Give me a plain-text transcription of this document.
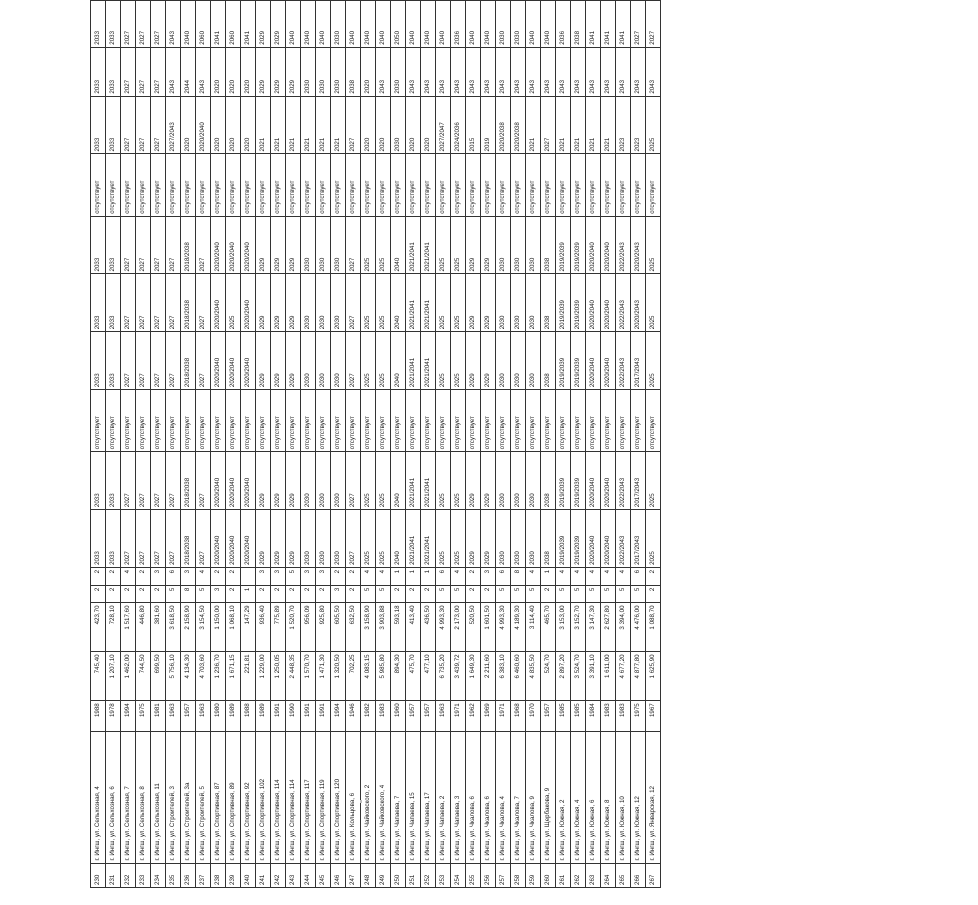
230	г. Ингш, ул. Сельхозная, 4	1988	745,40	423,70	2	2	2033	2033	отсутствует	2033	2033	2033	отсутствует	2033	2033	2033
231	г. Ингш, ул. Сельхозная, 6	1978	1 207,10	728,10	2	2	2033	2033	отсутствует	2033	2033	2033	отсутствует	2033	2033	2033
232	г. Ингш, ул. Сельхозная, 7	1994	1 462,00	1 517,60	2	4	2027	2027	отсутствует	2027	2027	2027	отсутствует	2027	2027	2027
233	г. Ингш, ул. Сельхозная, 8	1975	744,50	446,80	2	2	2027	2027	отсутствует	2027	2027	2027	отсутствует	2027	2027	2027
234	г. Ингш, ул. Сельхозная, 11	1981	699,50	381,60	2	3	2027	2027	отсутствует	2027	2027	2027	отсутствует	2027	2027	2027
235	г. Ингш, ул. Строителей, 3	1963	5 756,10	3 618,50	5	6	2027	2027	отсутствует	2027	2027	2027	отсутствует	2027/2043	2043	2043
236	г. Ингш, ул. Строителей, 3а	1957	4 134,30	2 158,90	8	3	2018/2038	2018/2038	отсутствует	2018/2038	2018/2038	2018/2038	отсутствует	2020	2044	2040
237	г. Ингш, ул. Строителей, 5	1963	4 703,60	3 154,50	5	4	2027	2027	отсутствует	2027	2027	2027	отсутствует	2020/2040	2043	2060
238	г. Ингш, ул. Спортивная, 87	1980	1 236,70	1 150,00	3	2	2020/2040	2020/2040	отсутствует	2020/2040	2020/2040	2020/2040	отсутствует	2020	2020	2041
239	г. Ингш, ул. Спортивная, 89	1989	1 671,15	1 068,10	2	2	2020/2040	2020/2040	отсутствует	2020/2040	2025	2020/2040	отсутствует	2020	2020	2060
240	г. Ингш, ул. Спортивная, 92	1988	221,81	147,29	1		2020/2040	2020/2040	отсутствует	2020/2040	2020/2040	2020/2040	отсутствует	2020	2020	2041
241	г. Ингш, ул. Спортивная, 102	1989	1 229,00	936,40	2	3	2029	2029	отсутствует	2029	2029	2029	отсутствует	2021	2029	2029
242	г. Ингш, ул. Спортивная, 114	1991	1 250,05	775,89	2	3	2029	2029	отсутствует	2029	2029	2029	отсутствует	2021	2029	2029
243	г. Ингш, ул. Спортивная, 114	1990	2 448,35	1 520,70	2	5	2029	2029	отсутствует	2029	2029	2029	отсутствует	2021	2029	2040
244	г. Ингш, ул. Спортивная, 117	1991	1 570,70	956,09	2	3	2030	2030	отсутствует	2030	2030	2030	отсутствует	2021	2030	2040
245	г. Ингш, ул. Спортивная, 119	1991	1 471,30	925,80	2	3	2030	2030	отсутствует	2030	2030	2030	отсутствует	2021	2030	2040
246	г. Ингш, ул. Спортивная, 120	1994	1 320,50	605,50	3	2	2030	2030	отсутствует	2030	2030	2030	отсутствует	2021	2030	2030
247	г. Ингш, ул. Кольцова, 6	1946	702,25	632,50	2	2	2027	2027	отсутствует	2027	2027	2027	отсутствует	2027	2038	2040
248	г. Ингш, ул. Чайковского, 2	1982	4 083,15	3 158,90	5	4	2025	2025	отсутствует	2025	2025	2025	отсутствует	2020	2020	2040
249	г. Ингш, ул. Чайковского, 4	1983	5 985,80	3 903,88	5	4	2025	2025	отсутствует	2025	2025	2025	отсутствует	2020	2043	2040
250	г. Ингш, ул. Чапаева, 7	1960	894,30	593,18	2	1	2040	2040	отсутствует	2040	2040	2040	отсутствует	2030	2030	2050
251	г. Ингш, ул. Чапаева, 15	1957	475,70	413,40	2	1	2021/2041	2021/2041	отсутствует	2021/2041	2021/2041	2021/2041	отсутствует	2020	2043	2040
252	г. Ингш, ул. Чапаева, 17	1957	477,10	436,50	2	1	2021/2041	2021/2041	отсутствует	2021/2041	2021/2041	2021/2041	отсутствует	2020	2043	2040
253	г. Ингш, ул. Чапаева, 2	1963	6 735,20	4 993,30	5	6	2025	2025	отсутствует	2025	2025	2025	отсутствует	2027/2047	2043	2040
254	г. Ингш, ул. Чапаева, 3	1971	3 439,72	2 173,00	5	4	2025	2025	отсутствует	2025	2025	2025	отсутствует	2024/2036	2043	2036
255	г. Ингш, ул. Чкалова, 6	1962	1 649,30	520,50	2	2	2029	2029	отсутствует	2029	2029	2029	отсутствует	2015	2043	2040
256	г. Ингш, ул. Чкалова, 6	1969	2 211,60	1 601,50	2	3	2029	2029	отсутствует	2029	2029	2029	отсутствует	2019	2043	2040
257	г. Ингш, ул. Чкалова, 4	1971	6 383,10	4 993,30	5	6	2030	2030	отсутствует	2030	2030	2030	отсутствует	2020/2038	2043	2030
258	г. Ингш, ул. Чкалова, 7	1968	6 460,60	4 189,30	5	8	2030	2030	отсутствует	2030	2030	2030	отсутствует	2020/2038	2043	2030
259	г. Ингш, ул. Чкалова, 9	1970	4 835,50	3 114,40	5	4	2030	2030	отсутствует	2030	2030	2030	отсутствует	2021	2043	2040
260	г. Ингш, ул. Щербакова, 9	1957	524,70	465,70	2	1	2038	2038	отсутствует	2038	2038	2038	отсутствует	2027	2043	2040
261	г. Ингш, ул. Южная, 2	1985	2 897,20	3 153,00	5	4	2019/2039	2019/2039	отсутствует	2019/2039	2019/2039	2019/2039	отсутствует	2021	2043	2036
262	г. Ингш, ул. Южная, 4	1985	3 524,70	3 152,70	5	4	2019/2039	2019/2039	отсутствует	2019/2039	2019/2039	2019/2039	отсутствует	2021	2043	2038
263	г. Ингш, ул. Южная, 6	1984	3 391,10	3 147,30	5	4	2020/2040	2020/2040	отсутствует	2020/2040	2020/2040	2020/2040	отсутствует	2021	2043	2041
264	г. Ингш, ул. Южная, 8	1983	1 611,00	2 627,80	5	4	2020/2040	2020/2040	отсутствует	2020/2040	2020/2040	2020/2040	отсутствует	2021	2043	2041
265	г. Ингш, ул. Южная, 10	1983	4 677,20	3 394,00	5	4	2022/2043	2022/2043	отсутствует	2022/2043	2022/2043	2022/2043	отсутствует	2023	2043	2041
266	г. Ингш, ул. Южная, 12	1975	4 877,80	4 476,00	5	6	2017/2043	2017/2043	отсутствует	2017/2043	2020/2043	2020/2043	отсутствует	2023	2043	2027
267	г. Ингш, ул. Январская, 12	1967	1 625,90	1 088,70	2	2	2025	2025	отсутствует	2025	2025	2025	отсутствует	2025	2043	2027
